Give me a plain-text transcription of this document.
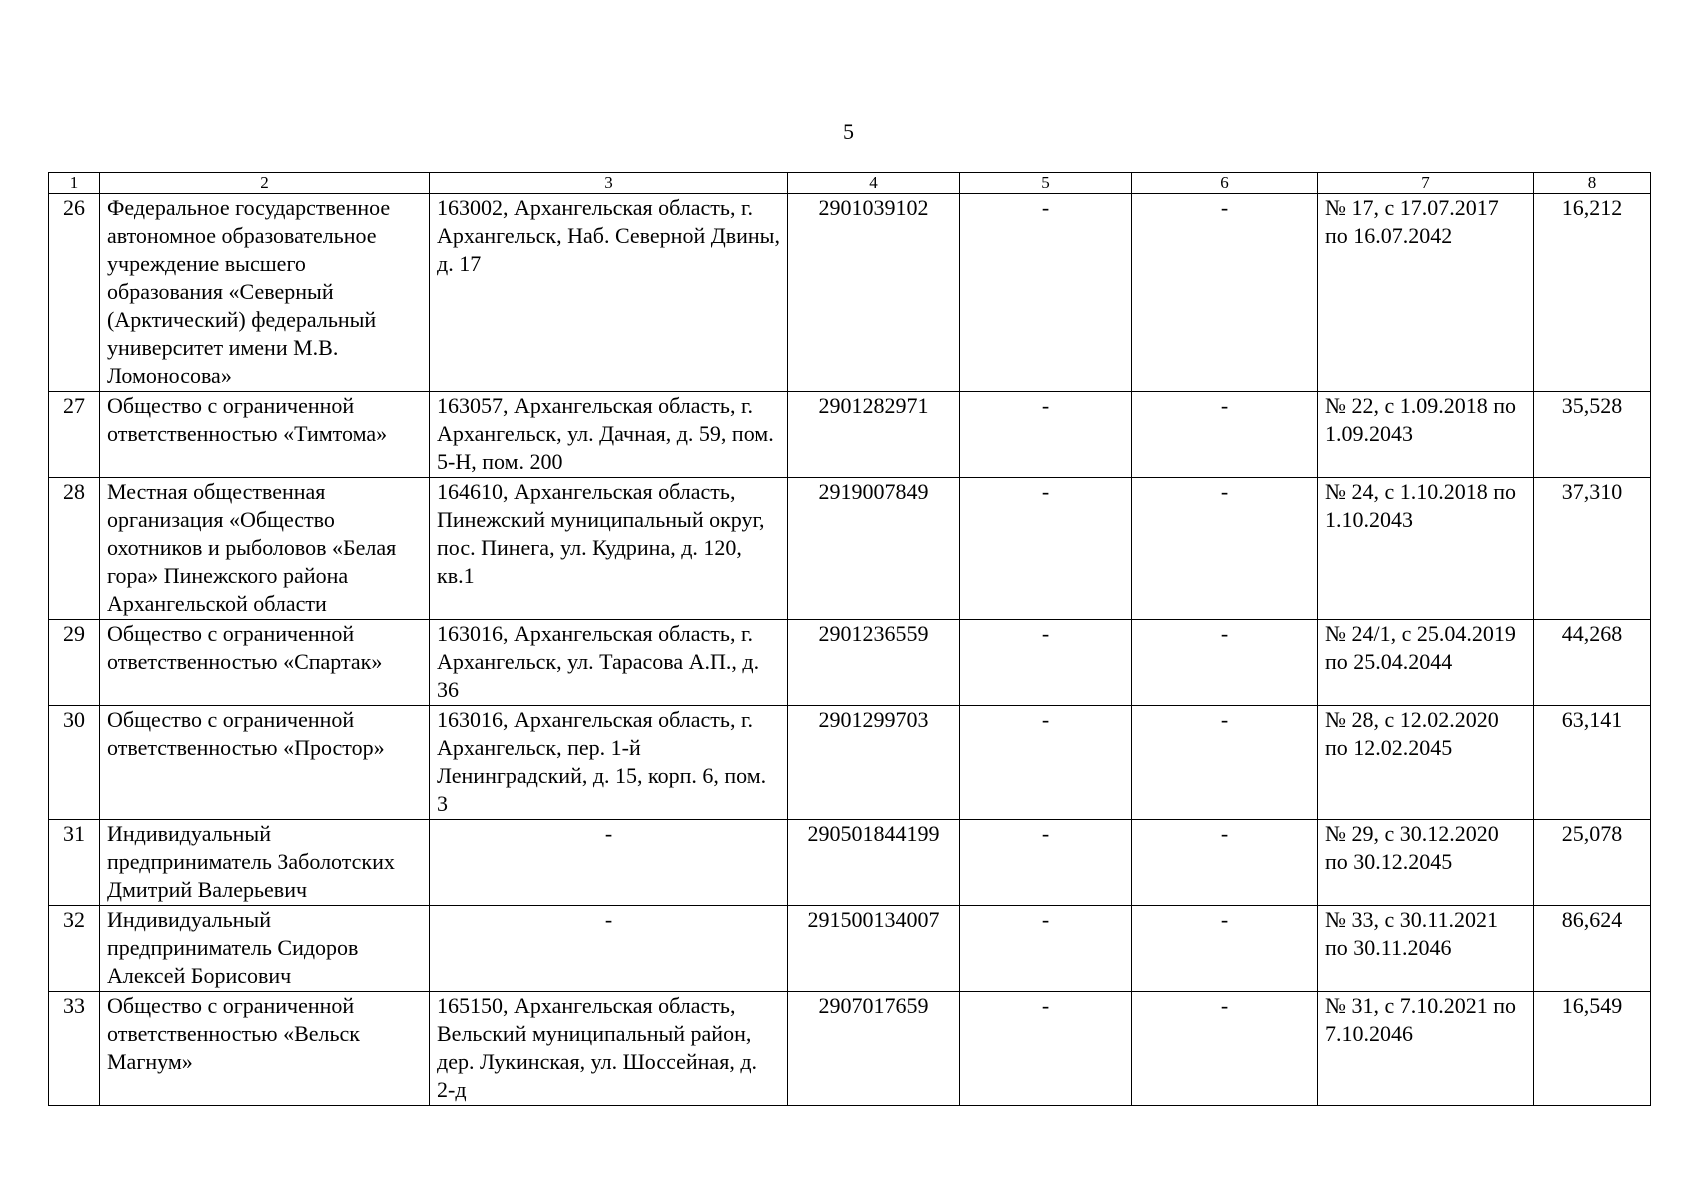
5
1	2	3	4	5	6	7	8
26	Федеральное государственное автономное образовательное учреждение высшего образования «Северный (Арктический) федеральный университет имени М.В. Ломоносова»	163002, Архангельская область, г. Архангельск, Наб. Северной Двины, д. 17	2901039102	-	-	№ 17, с 17.07.2017 по 16.07.2042	16,212
27	Общество с ограниченной ответственностью «Тимтома»	163057, Архангельская область, г. Архангельск, ул. Дачная, д. 59, пом. 5-Н, пом. 200	2901282971	-	-	№ 22, с 1.09.2018 по 1.09.2043	35,528
28	Местная общественная организация «Общество охотников и рыболовов «Белая гора» Пинежского района Архангельской области	164610, Архангельская область, Пинежский муниципальный округ, пос. Пинега, ул. Кудрина, д. 120, кв.1	2919007849	-	-	№ 24, с 1.10.2018 по 1.10.2043	37,310
29	Общество с ограниченной ответственностью «Спартак»	163016, Архангельская область, г. Архангельск, ул. Тарасова А.П., д. 36	2901236559	-	-	№ 24/1, с 25.04.2019 по 25.04.2044	44,268
30	Общество с ограниченной ответственностью «Простор»	163016, Архангельская область, г. Архангельск, пер. 1-й Ленинградский, д. 15, корп. 6, пом. 3	2901299703	-	-	№ 28, с 12.02.2020 по 12.02.2045	63,141
31	Индивидуальный предприниматель Заболотских Дмитрий Валерьевич	-	290501844199	-	-	№ 29, с 30.12.2020 по 30.12.2045	25,078
32	Индивидуальный предприниматель Сидоров Алексей Борисович	-	291500134007	-	-	№ 33, с 30.11.2021 по 30.11.2046	86,624
33	Общество с ограниченной ответственностью «Вельск Магнум»	165150, Архангельская область, Вельский муниципальный район, дер. Лукинская, ул. Шоссейная, д. 2-д	2907017659	-	-	№ 31, с 7.10.2021 по 7.10.2046	16,549
